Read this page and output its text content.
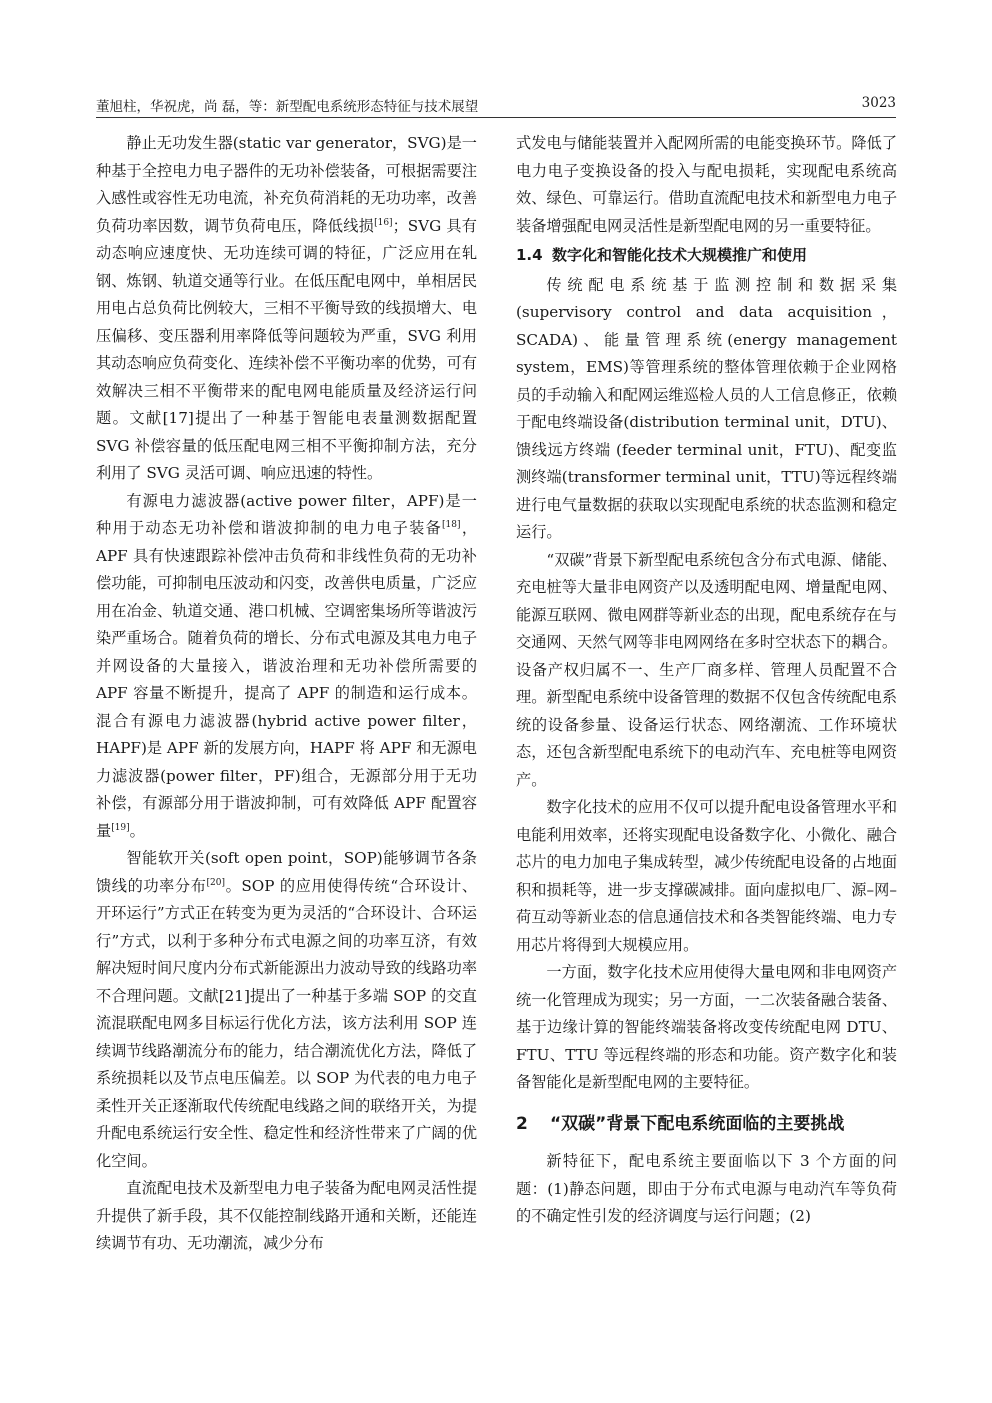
董旭柱，华祝虎，尚 磊，等：新型配电系统形态特征与技术展望	3023

静止无功发生器(static var generator，SVG)是一种基于全控电力电子器件的无功补偿装备，可根据需要注入感性或容性无功电流，补充负荷消耗的无功功率，改善负荷功率因数，调节负荷电压，降低线损[16]；SVG 具有动态响应速度快、无功连续可调的特征，广泛应用在轧钢、炼钢、轨道交通等行业。在低压配电网中，单相居民用电占总负荷比例较大，三相不平衡导致的线损增大、电压偏移、变压器利用率降低等问题较为严重，SVG 利用其动态响应负荷变化、连续补偿不平衡功率的优势，可有效解决三相不平衡带来的配电网电能质量及经济运行问题。文献[17]提出了一种基于智能电表量测数据配置 SVG 补偿容量的低压配电网三相不平衡抑制方法，充分利用了 SVG 灵活可调、响应迅速的特性。

有源电力滤波器(active power filter，APF)是一种用于动态无功补偿和谐波抑制的电力电子装备[18]，APF 具有快速跟踪补偿冲击负荷和非线性负荷的无功补偿功能，可抑制电压波动和闪变，改善供电质量，广泛应用在冶金、轨道交通、港口机械、空调密集场所等谐波污染严重场合。随着负荷的增长、分布式电源及其电力电子并网设备的大量接入，谐波治理和无功补偿所需要的 APF 容量不断提升，提高了 APF 的制造和运行成本。混合有源电力滤波器(hybrid active power filter，HAPF)是 APF 新的发展方向，HAPF 将 APF 和无源电力滤波器(power filter，PF)组合，无源部分用于无功补偿，有源部分用于谐波抑制，可有效降低 APF 配置容量[19]。

智能软开关(soft open point，SOP)能够调节各条馈线的功率分布[20]。SOP 的应用使得传统“合环设计、开环运行”方式正在转变为更为灵活的“合环设计、合环运行”方式，以利于多种分布式电源之间的功率互济，有效解决短时间尺度内分布式新能源出力波动导致的线路功率不合理问题。文献[21]提出了一种基于多端 SOP 的交直流混联配电网多目标运行优化方法，该方法利用 SOP 连续调节线路潮流分布的能力，结合潮流优化方法，降低了系统损耗以及节点电压偏差。以 SOP 为代表的电力电子柔性开关正逐渐取代传统配电线路之间的联络开关，为提升配电系统运行安全性、稳定性和经济性带来了广阔的优化空间。

直流配电技术及新型电力电子装备为配电网灵活性提升提供了新手段，其不仅能控制线路开通和关断，还能连续调节有功、无功潮流，减少分布

式发电与储能装置并入配网所需的电能变换环节。降低了电力电子变换设备的投入与配电损耗，实现配电系统高效、绿色、可靠运行。借助直流配电技术和新型电力电子装备增强配电网灵活性是新型配电网的另一重要特征。

1.4 数字化和智能化技术大规模推广和使用

传统配电系统基于监测控制和数据采集(supervisory control and data acquisition，SCADA)、能量管理系统(energy management system，EMS)等管理系统的整体管理依赖于企业网格员的手动输入和配网运维巡检人员的人工信息修正，依赖于配电终端设备(distribution terminal unit，DTU)、馈线远方终端 (feeder terminal unit，FTU)、配变监测终端(transformer terminal unit，TTU)等远程终端进行电气量数据的获取以实现配电系统的状态监测和稳定运行。

“双碳”背景下新型配电系统包含分布式电源、储能、充电桩等大量非电网资产以及透明配电网、增量配电网、能源互联网、微电网群等新业态的出现，配电系统存在与交通网、天然气网等非电网网络在多时空状态下的耦合。设备产权归属不一、生产厂商多样、管理人员配置不合理。新型配电系统中设备管理的数据不仅包含传统配电系统的设备参量、设备运行状态、网络潮流、工作环境状态，还包含新型配电系统下的电动汽车、充电桩等电网资产。

数字化技术的应用不仅可以提升配电设备管理水平和电能利用效率，还将实现配电设备数字化、小微化、融合芯片的电力加电子集成转型，减少传统配电设备的占地面积和损耗等，进一步支撑碳减排。面向虚拟电厂、源–网–荷互动等新业态的信息通信技术和各类智能终端、电力专用芯片将得到大规模应用。

一方面，数字化技术应用使得大量电网和非电网资产统一化管理成为现实；另一方面，一二次装备融合装备、基于边缘计算的智能终端装备将改变传统配电网 DTU、FTU、TTU 等远程终端的形态和功能。资产数字化和装备智能化是新型配电网的主要特征。

2 “双碳”背景下配电系统面临的主要挑战

新特征下，配电系统主要面临以下 3 个方面的问题：(1)静态问题，即由于分布式电源与电动汽车等负荷的不确定性引发的经济调度与运行问题；(2)
